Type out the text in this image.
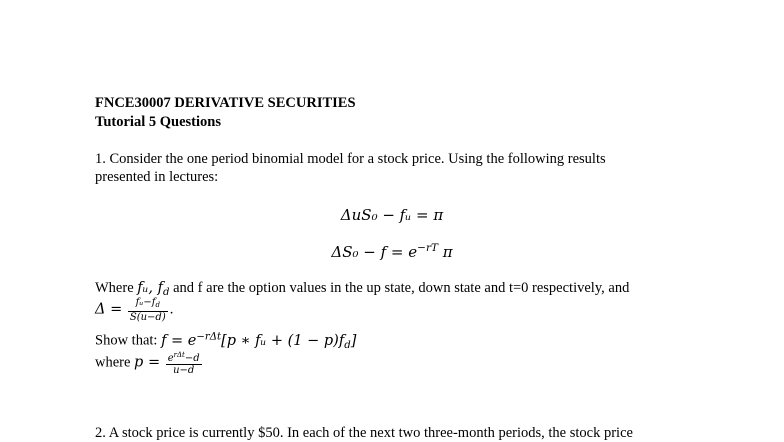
FNCE30007 DERIVATIVE SECURITIES
Tutorial 5 Questions
1. Consider the one period binomial model for a stock price. Using the following results
presented in lectures:
ΔuS₀ − fᵤ = π
$\Delta S_0 - f = e^{-rT}$ π
Where fᵤ, $f_d$ and f are the option values in the up state, down state and t=0 respectively, and
$\Delta = \frac{fᵤ-f_d}{S(u-d)}$ .
Show that: $f = e^{-r\Delta t}[p$ ∗ fᵤ + $(1 - p)f_d$]
where $p = \frac{e^{r\Delta t}-d}{u-d}$
2. A stock price is currently $50. In each of the next two three-month periods, the stock price
